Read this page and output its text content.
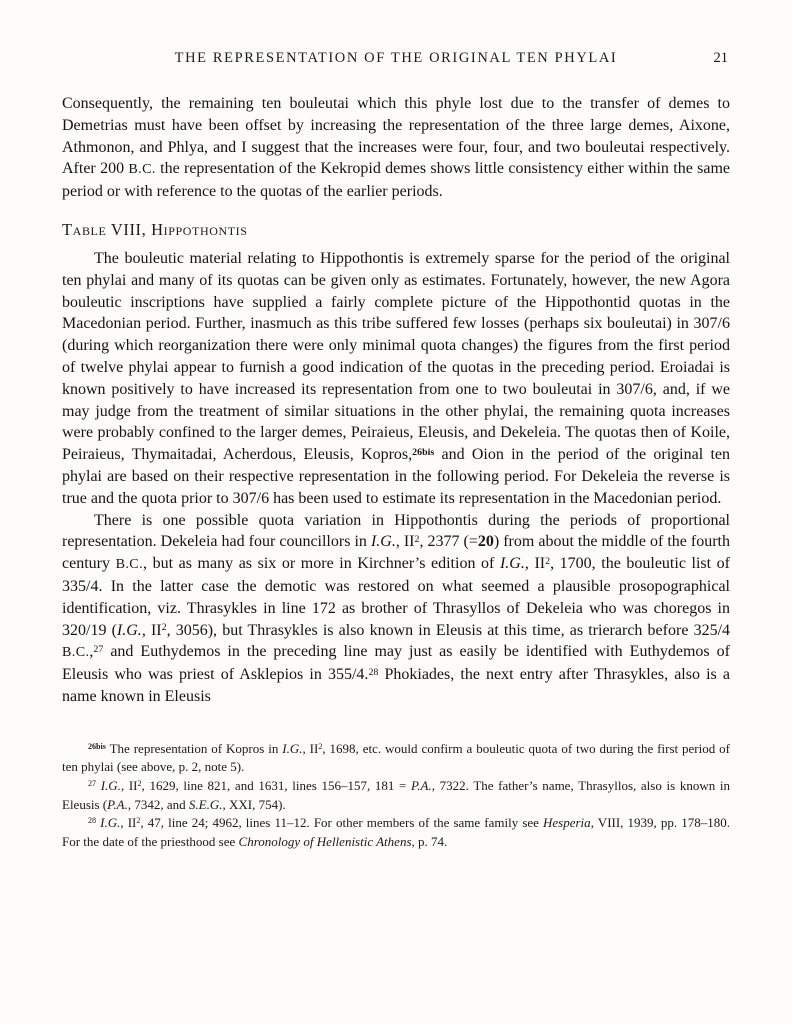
THE REPRESENTATION OF THE ORIGINAL TEN PHYLAI	21

Consequently, the remaining ten bouleutai which this phyle lost due to the transfer of demes to Demetrias must have been offset by increasing the representation of the three large demes, Aixone, Athmonon, and Phlya, and I suggest that the increases were four, four, and two bouleutai respectively. After 200 B.C. the representation of the Kekropid demes shows little consistency either within the same period or with reference to the quotas of the earlier periods.

Table VIII, Hippothontis

The bouleutic material relating to Hippothontis is extremely sparse for the period of the original ten phylai and many of its quotas can be given only as estimates. Fortunately, however, the new Agora bouleutic inscriptions have supplied a fairly complete picture of the Hippothontid quotas in the Macedonian period. Further, inasmuch as this tribe suffered few losses (perhaps six bouleutai) in 307/6 (during which reorganization there were only minimal quota changes) the figures from the first period of twelve phylai appear to furnish a good indication of the quotas in the preceding period. Eroiadai is known positively to have increased its representation from one to two bouleutai in 307/6, and, if we may judge from the treatment of similar situations in the other phylai, the remaining quota increases were probably confined to the larger demes, Peiraieus, Eleusis, and Dekeleia. The quotas then of Koile, Peiraieus, Thymaitadai, Acherdous, Eleusis, Kopros,$^{26bis}$ and Oion in the period of the original ten phylai are based on their respective representation in the following period. For Dekeleia the reverse is true and the quota prior to 307/6 has been used to estimate its representation in the Macedonian period.

There is one possible quota variation in Hippothontis during the periods of proportional representation. Dekeleia had four councillors in I.G., $II^2$, 2377 (=20) from about the middle of the fourth century B.C., but as many as six or more in Kirchner’s edition of I.G., $II^2$, 1700, the bouleutic list of 335/4. In the latter case the demotic was restored on what seemed a plausible prosopographical identification, viz. Thrasykles in line 172 as brother of Thrasyllos of Dekeleia who was choregos in 320/19 (I.G., $II^2$, 3056), but Thrasykles is also known in Eleusis at this time, as trierarch before 325/4 B.C.,$^{27}$ and Euthydemos in the preceding line may just as easily be identified with Euthydemos of Eleusis who was priest of Asklepios in 355/4.28 Phokiades, the next entry after Thrasykles, also is a name known in Eleusis

$^{26bis}$ The representation of Kopros in I.G., $II^2$, 1698, etc. would confirm a bouleutic quota of two during the first period of ten phylai (see above, p. 2, note 5).

$^{27}$ I.G., $II^2$, 1629, line 821, and 1631, lines 156–157, 181 = P.A., 7322. The father’s name, Thrasyllos, also is known in Eleusis (P.A., 7342, and S.E.G., XXI, 754).

$^{28}$ I.G., $II^2$, 47, line 24; 4962, lines 11–12. For other members of the same family see Hesperia, VIII, 1939, pp. 178–180. For the date of the priesthood see Chronology of Hellenistic Athens, p. 74.
